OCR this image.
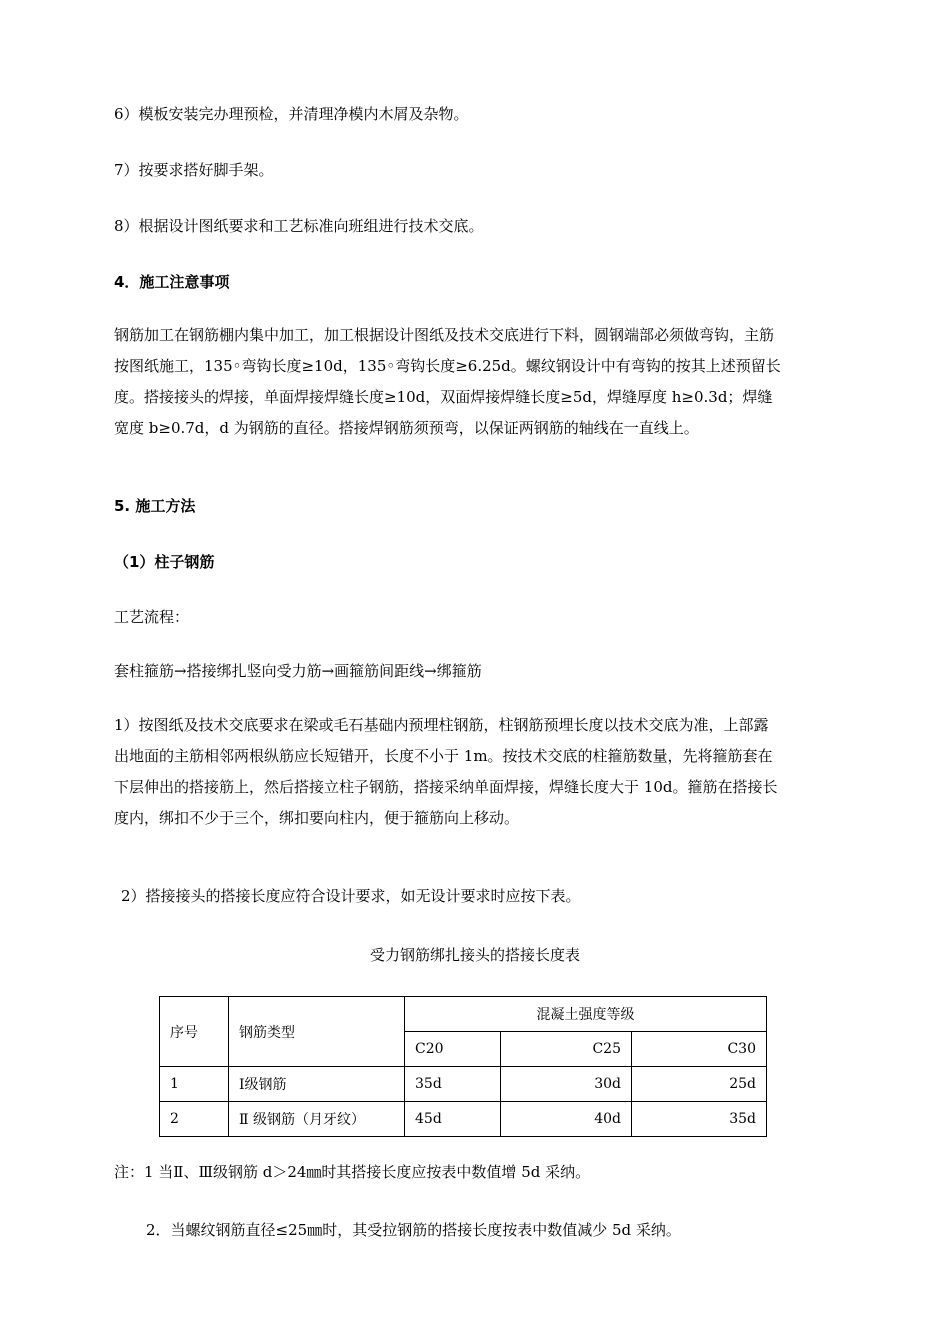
6）模板安装完办理预检，并清理净模内木屑及杂物。

7）按要求搭好脚手架。

8）根据设计图纸要求和工艺标准向班组进行技术交底。

4．施工注意事项

钢筋加工在钢筋棚内集中加工，加工根据设计图纸及技术交底进行下料，圆钢端部必须做弯钩，主筋
按图纸施工，135◦弯钩长度≥10d，135◦弯钩长度≥6.25d。螺纹钢设计中有弯钩的按其上述预留长
度。搭接接头的焊接，单面焊接焊缝长度≥10d，双面焊接焊缝长度≥5d，焊缝厚度 h≥0.3d；焊缝
宽度 b≥0.7d，d 为钢筋的直径。搭接焊钢筋须预弯，以保证两钢筋的轴线在一直线上。

5. 施工方法

（1）柱子钢筋

工艺流程：

套柱箍筋→搭接绑扎竖向受力筋→画箍筋间距线→绑箍筋

1）按图纸及技术交底要求在梁或毛石基础内预埋柱钢筋，柱钢筋预埋长度以技术交底为准，上部露
出地面的主筋相邻两根纵筋应长短错开，长度不小于 1m。按技术交底的柱箍筋数量，先将箍筋套在
下层伸出的搭接筋上，然后搭接立柱子钢筋，搭接采纳单面焊接，焊缝长度大于 10d。箍筋在搭接长
度内，绑扣不少于三个，绑扣要向柱内，便于箍筋向上移动。

2）搭接接头的搭接长度应符合设计要求，如无设计要求时应按下表。

受力钢筋绑扎接头的搭接长度表

序号	钢筋类型	混凝土强度等级		
		C20	C25	C30
1	Ⅰ级钢筋	35d	30d	25d
2	Ⅱ 级钢筋（月牙纹）	45d	40d	35d

注：1 当Ⅱ、Ⅲ级钢筋 d＞24㎜时其搭接长度应按表中数值增 5d 采纳。

2．当螺纹钢筋直径≤25㎜时，其受拉钢筋的搭接长度按表中数值减少 5d 采纳。
